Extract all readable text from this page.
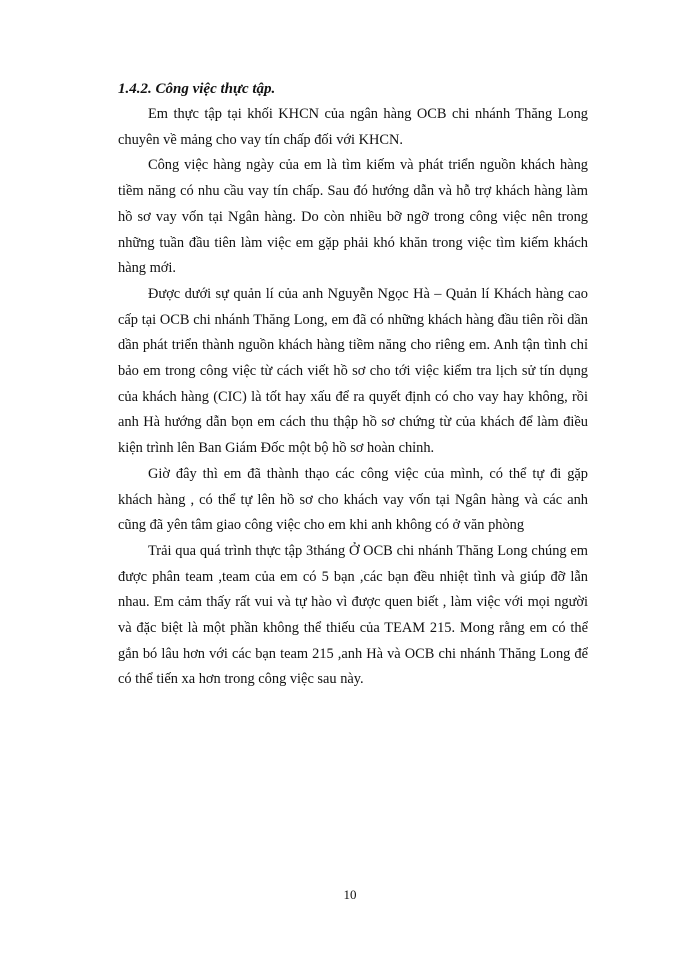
1.4.2. Công việc thực tập.

Em thực tập tại khối KHCN của ngân hàng OCB chi nhánh Thăng Long chuyên về mảng cho vay tín chấp đối với KHCN.

Công việc hàng ngày của em là tìm kiếm và phát triển nguồn khách hàng tiềm năng có nhu cầu vay tín chấp. Sau đó hướng dẫn và hỗ trợ khách hàng làm hồ sơ vay vốn tại Ngân hàng. Do còn nhiều bỡ ngỡ trong công việc nên trong những tuần đầu tiên làm việc em gặp phải khó khăn trong việc tìm kiếm khách hàng mới.

Được dưới sự quản lí của anh Nguyễn Ngọc Hà – Quản lí Khách hàng cao cấp tại OCB chi nhánh Thăng Long, em đã có những khách hàng đầu tiên rồi dần dần phát triển thành nguồn khách hàng tiềm năng cho riêng em. Anh tận tình chỉ bảo em trong công việc từ cách viết hồ sơ cho tới việc kiểm tra lịch sử tín dụng của khách hàng (CIC) là tốt hay xấu để ra quyết định có cho vay hay không, rồi anh Hà hướng dẫn bọn em cách thu thập hồ sơ chứng từ của khách để làm điều kiện trình lên Ban Giám Đốc một bộ hồ sơ hoàn chỉnh.

Giờ đây thì em đã thành thạo các công việc của mình, có thể tự đi gặp khách hàng , có thể tự lên hồ sơ cho khách vay vốn tại Ngân hàng và các anh cũng đã yên tâm giao công việc cho em khi anh không có ở văn phòng

Trải qua quá trình thực tập 3tháng Ở OCB chi nhánh Thăng Long chúng em được phân team ,team của em có 5 bạn ,các bạn đều nhiệt tình và giúp đỡ lẫn nhau. Em cảm thấy rất vui và tự hào vì được quen biết , làm việc với mọi người và đặc biệt là một phần không thể thiếu của TEAM 215. Mong rằng em có thể gắn bó lâu hơn với các bạn team 215 ,anh Hà và OCB chi nhánh Thăng Long để có thể tiến xa hơn trong công việc sau này.

10
